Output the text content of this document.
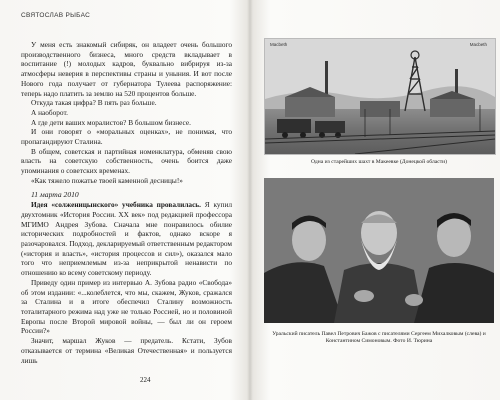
СВЯТОСЛАВ РЫБАС

У меня есть знакомый сибиряк, он владеет очень большого производственного бизнеса, много средств вкладывает в воспитание (!) молодых кадров, буквально вибрируя из-за атмосферы неверия в перспективы страны и уныния. И вот после Нового года получает от губернатора Тулеева распоряжение: теперь надо платить за землю на 520 процентов больше.

Откуда такая цифра? В пять раз больше.

А наоборот.

А где дети ваших моралистов? В большом бизнесе.

И они говорят о «моральных оценках», не понимая, что пропагандируют Сталина.

В общем, советская и партийная номенклатура, обменяв свою власть на советскую собственность, очень боится даже упоминания о советских временах.

«Как тяжело пожатье твоей каменной десницы!»

11 марта 2010

Идея «солженицынского» учебника провалилась. Я купил двухтомник «История России. XX век» под редакцией профессора МГИМО Андрея Зубова. Сначала мне понравилось обилие исторических подробностей и фактов, однако вскоре я разочаровался. Подход, декларируемый ответственным редактором («история и власть», «история процессов и сил»), оказался мало того что неприемлемым из-за неприкрытой ненависти по отношению ко всему советскому периоду.

Приведу один пример из интервью А. Зубова радио «Свобода» об этом издании: «...колеблется, что мы, скажем, Жуков, сражался за Сталина и в итоге обеспечил Сталину возможность тоталитарного режима над уже не только Россией, но и половиной Европы после Второй мировой войны, — был ли он героем России?»

Значит, маршал Жуков — предатель. Кстати, Зубов отказывается от термина «Великая Отечественная» и пользуется лишь

224
Macbeth	Macbeth
Одна из старейших шахт в Макеевке (Донецкой области)
Уральский писатель Павел Петрович Бажов с писателями Сергеем Михалковым (слева) и Константином Симоновым. Фото И. Тюрина
